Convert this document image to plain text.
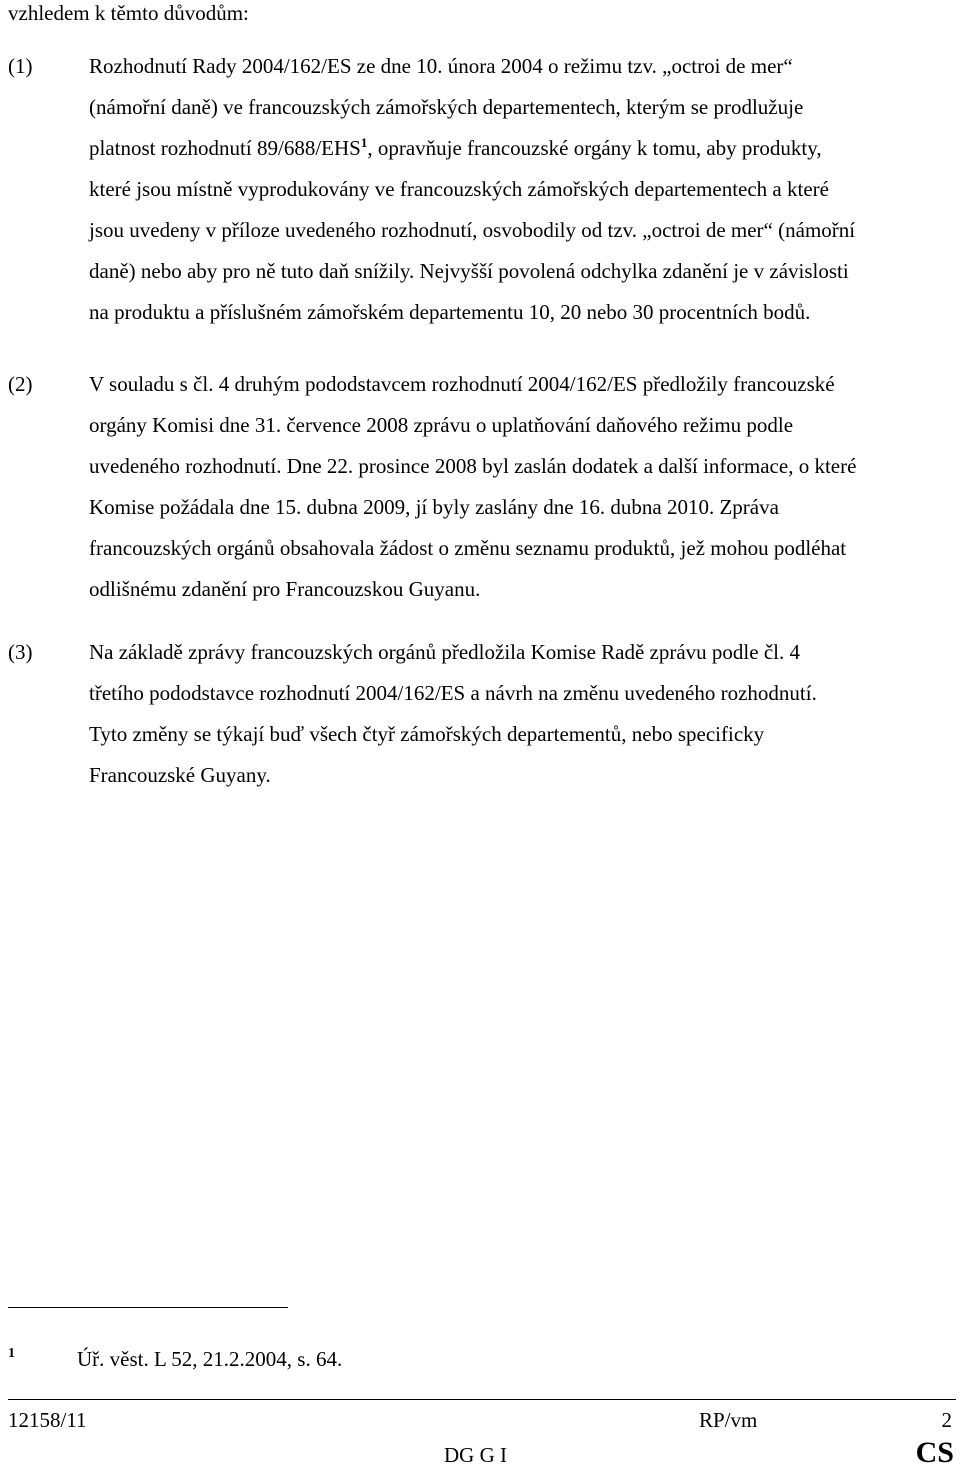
vzhledem k těmto důvodům:

(1)	Rozhodnutí Rady 2004/162/ES ze dne 10. února 2004 o režimu tzv. „octroi de mer“
(námořní daně) ve francouzských zámořských departementech, kterým se prodlužuje
platnost rozhodnutí 89/688/EHS$^1$, opravňuje francouzské orgány k tomu, aby produkty,
které jsou místně vyprodukovány ve francouzských zámořských departementech a které
jsou uvedeny v příloze uvedeného rozhodnutí, osvobodily od tzv. „octroi de mer“ (námořní
daně) nebo aby pro ně tuto daň snížily. Nejvyšší povolená odchylka zdanění je v závislosti
na produktu a příslušném zámořském departementu 10, 20 nebo 30 procentních bodů.
(2)	V souladu s čl. 4 druhým pododstavcem rozhodnutí 2004/162/ES předložily francouzské
orgány Komisi dne 31. července 2008 zprávu o uplatňování daňového režimu podle
uvedeného rozhodnutí. Dne 22. prosince 2008 byl zaslán dodatek a další informace, o které
Komise požádala dne 15. dubna 2009, jí byly zaslány dne 16. dubna 2010. Zpráva
francouzských orgánů obsahovala žádost o změnu seznamu produktů, jež mohou podléhat
odlišnému zdanění pro Francouzskou Guyanu.
(3)	Na základě zprávy francouzských orgánů předložila Komise Radě zprávu podle čl. 4
třetího pododstavce rozhodnutí 2004/162/ES a návrh na změnu uvedeného rozhodnutí.
Tyto změny se týkají buď všech čtyř zámořských departementů, nebo specificky
Francouzské Guyany.
1	Úř. věst. L 52, 21.2.2004, s. 64.
12158/11	RP/vm	2
DG G I	CS
